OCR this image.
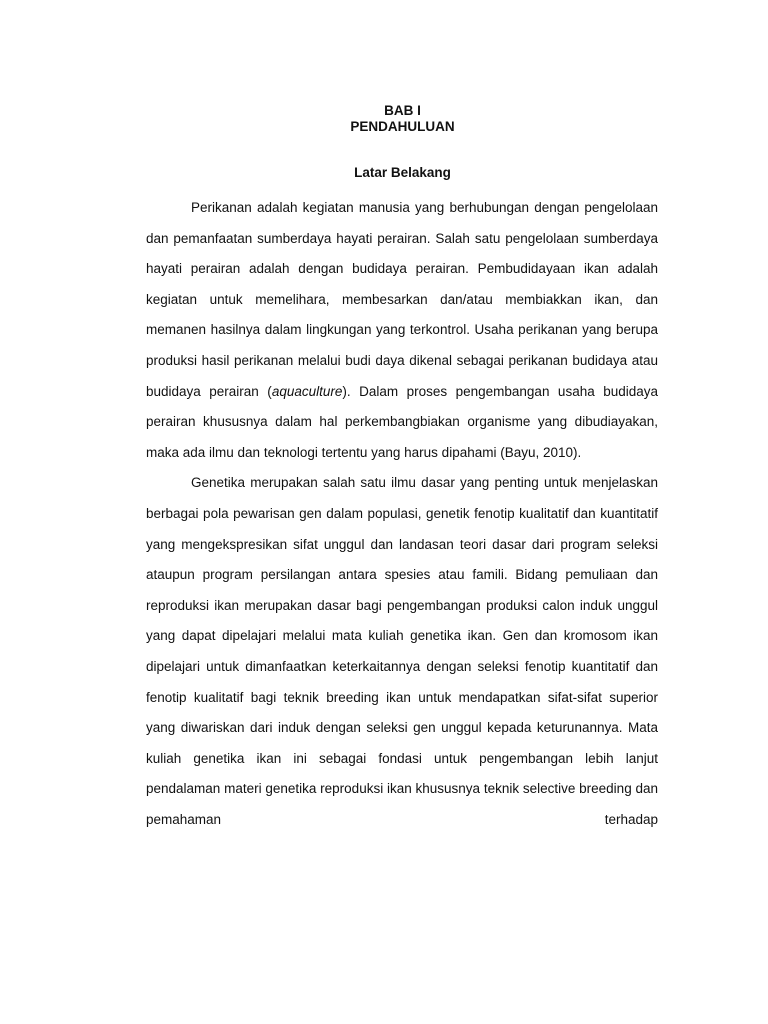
BAB I
PENDAHULUAN
Latar Belakang

Perikanan adalah kegiatan manusia yang berhubungan dengan pengelolaan dan pemanfaatan sumberdaya hayati perairan. Salah satu pengelolaan sumberdaya hayati perairan adalah dengan budidaya perairan. Pembudidayaan ikan adalah kegiatan untuk memelihara, membesarkan dan/atau membiakkan ikan, dan memanen hasilnya dalam lingkungan yang terkontrol. Usaha perikanan yang berupa produksi hasil perikanan melalui budi daya dikenal sebagai perikanan budidaya atau budidaya perairan (aquaculture). Dalam proses pengembangan usaha budidaya perairan khususnya dalam hal perkembangbiakan organisme yang dibudiayakan, maka ada ilmu dan teknologi tertentu yang harus dipahami (Bayu, 2010).

Genetika merupakan salah satu ilmu dasar yang penting untuk menjelaskan berbagai pola pewarisan gen dalam populasi, genetik fenotip kualitatif dan kuantitatif yang mengekspresikan sifat unggul dan landasan teori dasar dari program seleksi ataupun program persilangan antara spesies atau famili. Bidang pemuliaan dan reproduksi ikan merupakan dasar bagi pengembangan produksi calon induk unggul yang dapat dipelajari melalui mata kuliah genetika ikan. Gen dan kromosom ikan dipelajari untuk dimanfaatkan keterkaitannya dengan seleksi fenotip kuantitatif dan fenotip kualitatif bagi teknik breeding ikan untuk mendapatkan sifat-sifat superior yang diwariskan dari induk dengan seleksi gen unggul kepada keturunannya. Mata kuliah genetika ikan ini sebagai fondasi untuk pengembangan lebih lanjut pendalaman materi genetika reproduksi ikan khususnya teknik selective breeding dan pemahaman terhadap
